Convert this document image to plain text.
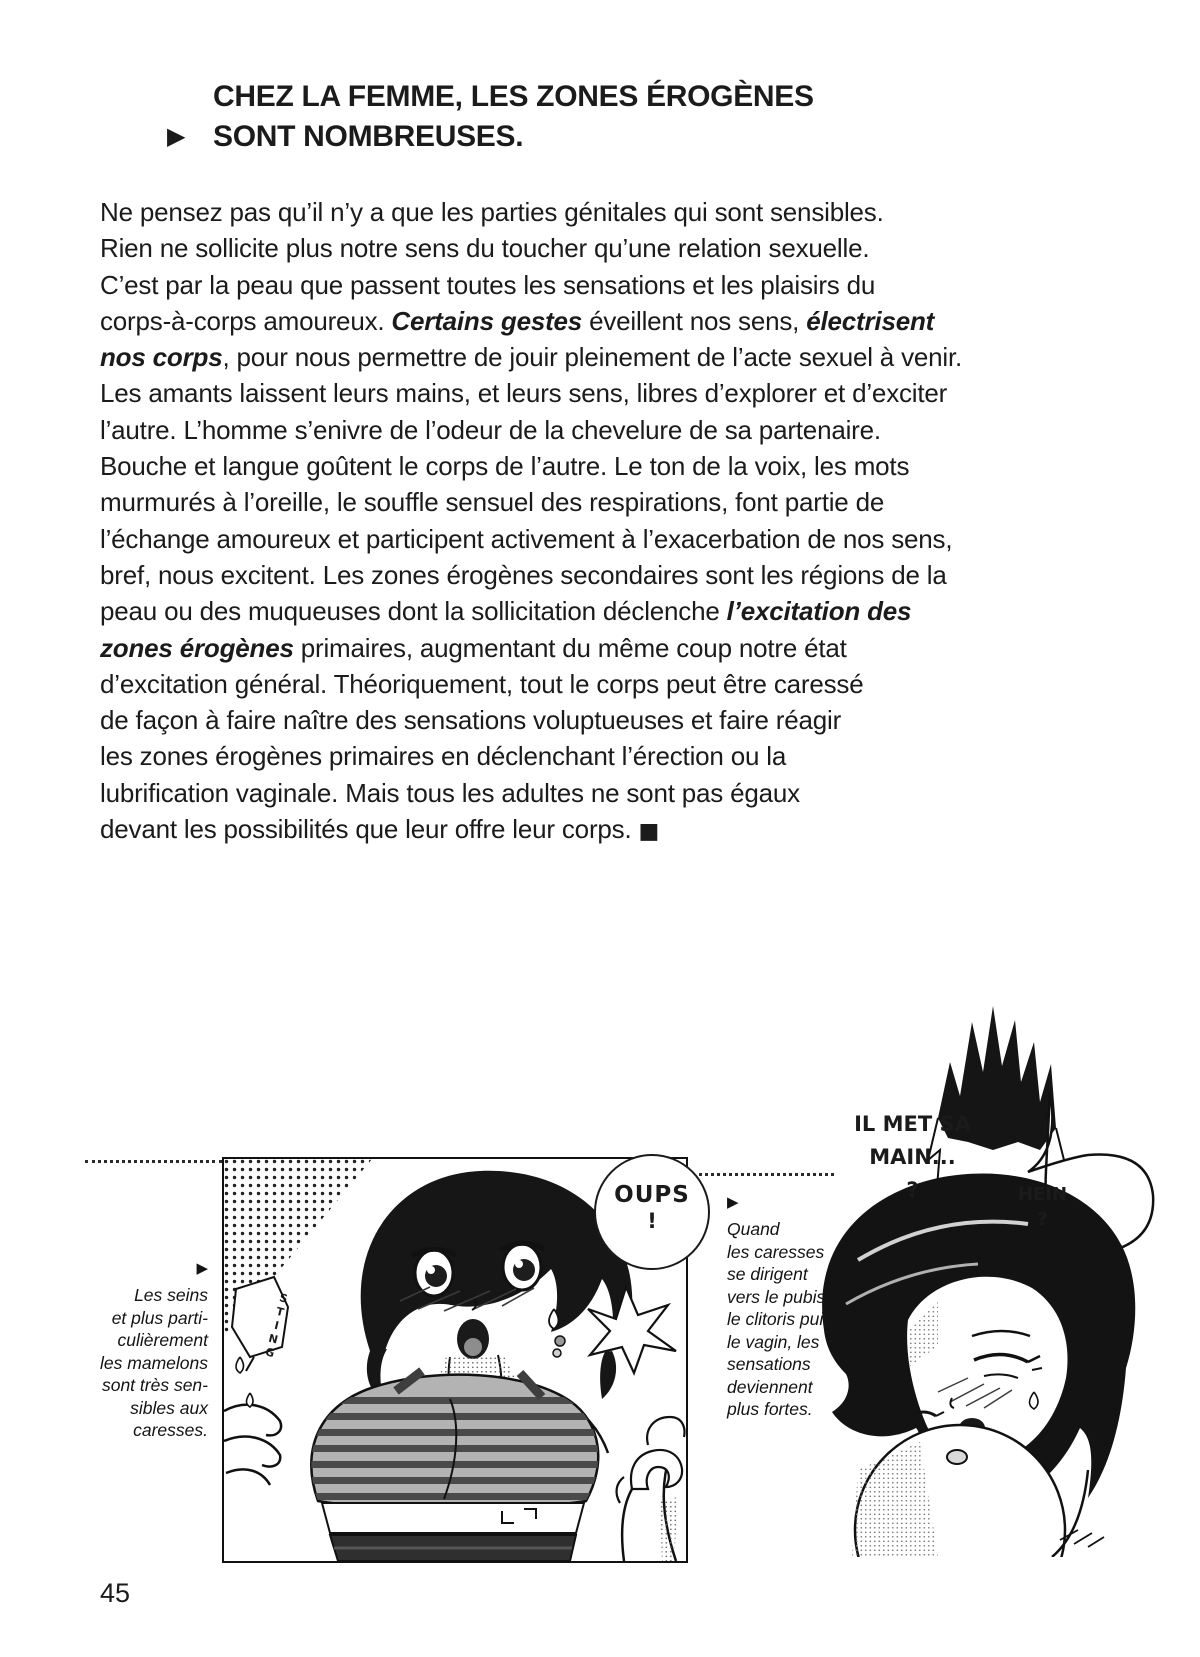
CHEZ LA FEMME, LES ZONES ÉROGÈNES
▶ SONT NOMBREUSES.
Ne pensez pas qu’il n’y a que les parties génitales qui sont sensibles.
Rien ne sollicite plus notre sens du toucher qu’une relation sexuelle.
C’est par la peau que passent toutes les sensations et les plaisirs du
corps-à-corps amoureux. Certains gestes éveillent nos sens, électrisent
nos corps, pour nous permettre de jouir pleinement de l’acte sexuel à venir.
Les amants laissent leurs mains, et leurs sens, libres d’explorer et d’exciter
l’autre. L’homme s’enivre de l’odeur de la chevelure de sa partenaire.
Bouche et langue goûtent le corps de l’autre. Le ton de la voix, les mots
murmurés à l’oreille, le souffle sensuel des respirations, font partie de
l’échange amoureux et participent activement à l’exacerbation de nos sens,
bref, nous excitent. Les zones érogènes secondaires sont les régions de la
peau ou des muqueuses dont la sollicitation déclenche l’excitation des
zones érogènes primaires, augmentant du même coup notre état
d’excitation général. Théoriquement, tout le corps peut être caressé
de façon à faire naître des sensations voluptueuses et faire réagir
les zones érogènes primaires en déclenchant l’érection ou la
lubrification vaginale. Mais tous les adultes ne sont pas égaux
devant les possibilités que leur offre leur corps. ■
STING
OUPS
!
IL MET SA
MAIN...
?	HEIN
?
▶
Les seins
et plus parti-
culièrement
les mamelons
sont très sen-
sibles aux
caresses.
▶
Quand
les caresses
se dirigent
vers le pubis,
le clitoris puis
le vagin, les
sensations
deviennent
plus fortes.
45
